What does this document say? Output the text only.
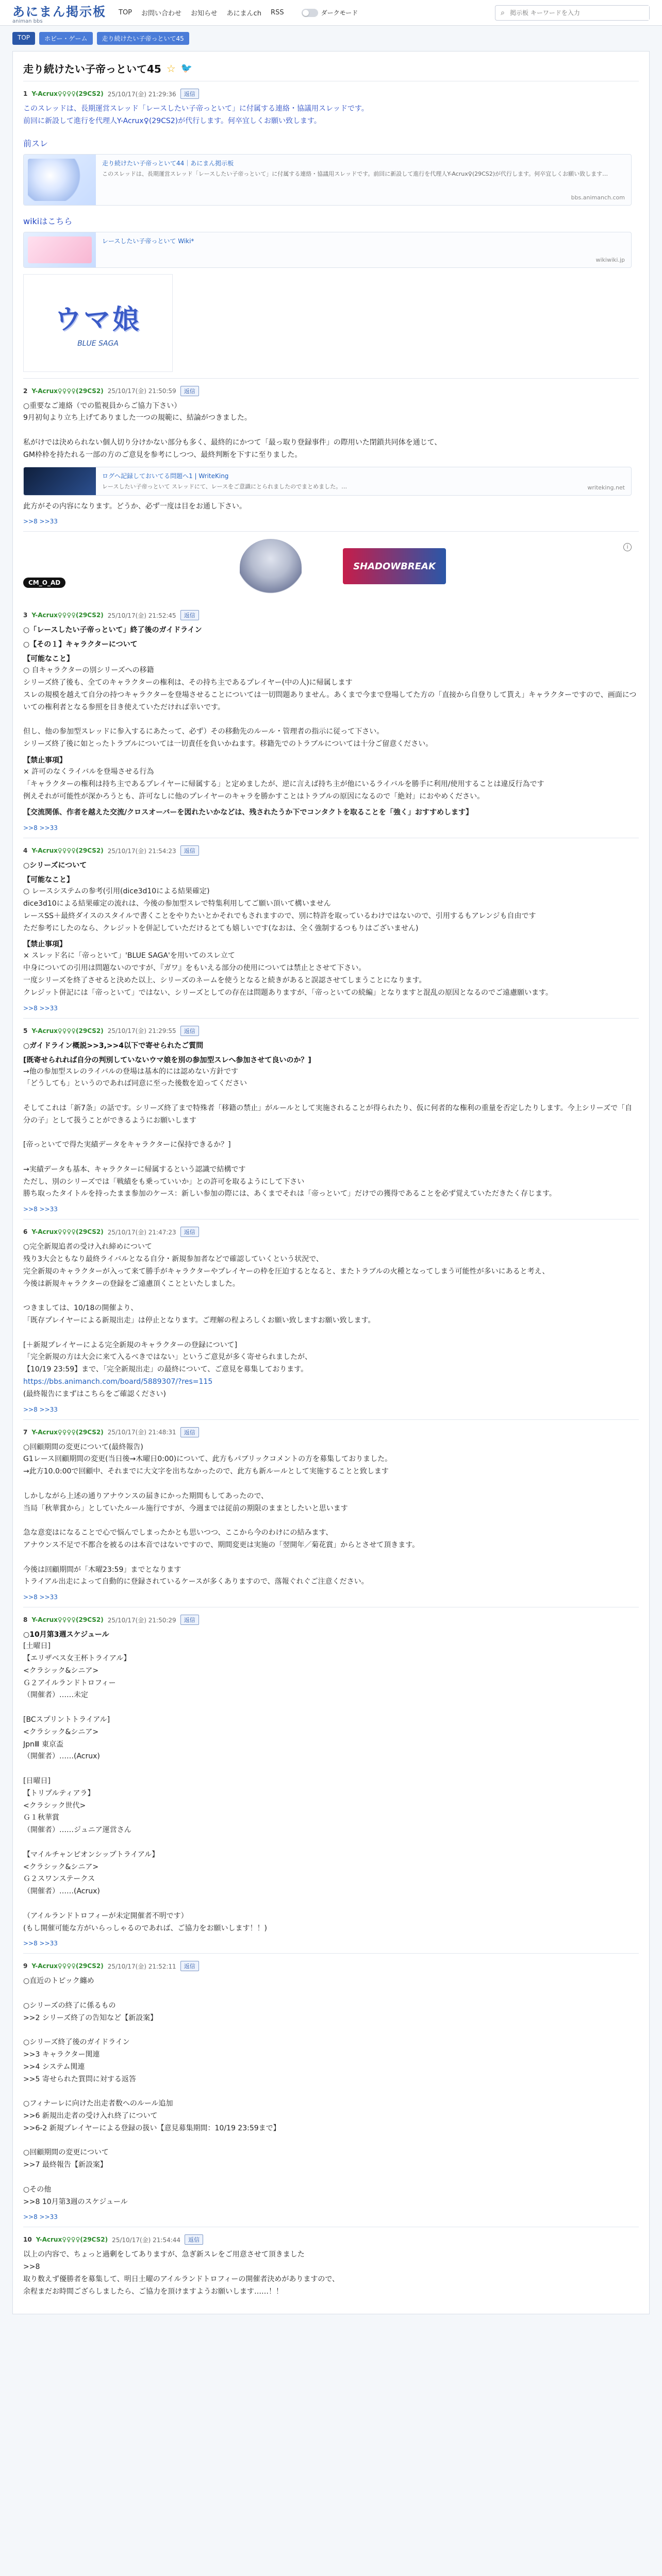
あにまん掲示板
animan bbs
TOP お問い合わせ お知らせ あにまんch RSS	ダークモード	⌕
掲示板 キーワードを入力
TOP	ホビー・ゲーム	走り続けたい子帝っといて45
走り続けたい子帝っといて45 ☆ 🐦
1 Y-Acrux♀♀♀♀(29CS2) 25/10/17(金) 21:29:36	返信
このスレッドは、長期運営スレッド「レースしたい子帝っといて」に付属する連絡・協議用スレッドです。
前回に新設して進行を代理人Y-Acrux♀(29CS2)が代行します。何卒宜しくお願い致します。
前スレ
走り続けたい子帝っといて44｜あにまん掲示板
このスレッドは、長期運営スレッド「レースしたい子帝っといて」に付属する連絡・協議用スレッドです。前回に新設して進行を代理人Y-Acrux♀(29CS2)が代行します。何卒宜しくお願い致します…
bbs.animanch.com
wikiはこちら
レースしたい子帝っといて Wiki*
wikiwiki.jp
ウマ娘
BLUE SAGA
2 Y-Acrux♀♀♀♀(29CS2) 25/10/17(金) 21:50:59	返信
○重要なご連絡（での監視員からご協力下さい）
9月初旬より立ち上げてありました一つの規範に、結論がつきました。

私がけでは決められない個人切り分けかない部分も多く、最終的にかつて「最っ取り登録事件」の際用いた閉鎖共同体を通じて、
GM枠枠を持たれる一部の方のご意見を参考にしつつ、最終判断を下すに至りました。
ログへ記録しておいてる問題へ1 | WriteKing
レースしたい子帝っといて スレッドにて、レースをご意識にとられましたのでまとめました。…	writeking.net
此方がその内容になります。どうか、必ず一度は目をお通し下さい。
>>8 >>33
CM_O_AD
SHADOWBREAK
i
3 Y-Acrux♀♀♀♀(29CS2) 25/10/17(金) 21:52:45	返信
○「レースしたい子帝っといて」終了後のガイドライン
○【その１】キャラクターについて
【可能なこと】
○ 自キャラクターの別シリーズへの移籍
シリーズ終了後も、全てのキャラクターの権利は、その持ち主であるプレイヤー(中の人)に帰属します
スレの規模を越えて自分の持つキャラクターを登場させることについては一切問題ありません。あくまで今まで登場してた方の「直接から自登りして貰え」キャラクターですので、画面についての権利者となる参照を目き使えていただければ幸いです。

但し、他の参加型スレッドに参入するにあたって、必ず）その移動先のルール・管理者の指示に従って下さい。
シリーズ終了後に如とったトラブルについては一切責任を負いかねます。移籍先でのトラブルについては十分ご留意ください。
【禁止事項】
× 許可のなくライバルを登場させる行為
「キャラクターの権利は持ち主であるプレイヤーに帰属する」と定めましたが、逆に言えば持ち主が他にいるライバルを勝手に利用/使用することは違反行為です
例えそれが可能性が深かろうとも、許可なしに他のプレイヤーのキャラを勝かすことはトラブルの原因になるので「絶対」におやめください。
【交流関係、作者を越えた交流/クロスオーバーを図れたいかなどは、残されたうか下でコンタクトを取ることを「強く」おすすめします】
>>8 >>33
4 Y-Acrux♀♀♀♀(29CS2) 25/10/17(金) 21:54:23	返信
○シリーズについて
【可能なこと】
○ レースシステムの参考(引用(dice3d10による結果確定)
dice3d10による結果確定の流れは、今後の参加型スレで特集利用してご願い頂いて構いません
レースSS＋最終ダイスのスタイルで書くことをやりたいとかそれでもされますので、別に特許を取っているわけではないので、引用するもアレンジも自由です
ただ参考にしたのなら、クレジットを併記していただけるとても嬉しいです(なおは、全く強制するつもりはございません)
【禁止事項】
× スレッド名に「帝っといて」'BLUE SAGA'を用いてのスレ立て
中身についての引用は問題ないのですが、『ガワ』をもいえる部分の使用については禁止とさせて下さい。
一度シリーズを終了させると決めた以上、シリーズのネームを使うとなると続きがあると誤認させてしまうことになります。
クレジット併記には「帝っといて」ではない、シリーズとしての存在は問題ありますが、「帝っといての続編」となりますと混乱の原因となるのでご遠慮願います。
>>8 >>33
5 Y-Acrux♀♀♀♀(29CS2) 25/10/17(金) 21:29:55	返信
○ガイドライン概説>>3,>>4以下で寄せられたご質問
[既寄せられれば自分の判別していないウマ娘を別の参加型スレへ参加させて良いのか？]
→他の参加型スレのライバルの登場は基本的には認めない方針です
「どうしても」というのであれば同意に至った後数を迫ってください

そしてこれは「新7条」の話です。シリーズ終了まで特殊者「移籍の禁止」がルールとして実施されることが得られたり、仮に何者的な権利の重量を否定したりします。今上シリーズで「自分の子」として扱うことができるようにお願いします

[帝っといてで得た実績データをキャラクターに保持できるか？]

→実績データも基本、キャラクターに帰属するという認識で結構です
ただし、別のシリーズでは「戦績をも乗っていいか」との許可を取るようにして下さい
勝ち取ったタイトルを持ったまま参加のケース：新しい参加の際には、あくまでそれは「帝っといて」だけでの獲得であることを必ず覚えていただきたく存じます。
>>8 >>33
6 Y-Acrux♀♀♀♀(29CS2) 25/10/17(金) 21:47:23	返信
○完全新規追者の受け入れ締めについて
残り3大会ともなり最終ライバルとなる自分・新規参加者などで確認していくという状況で、
完全新規のキャラクターが入って来て勝手がキャラクターやプレイヤーの枠を圧迫するとなると、またトラブルの火種となってしまう可能性が多いにあると考え、
今後は新規キャラクターの登録をご遠慮頂くことといたしました。

つきましては、10/18の開催より、
「既存プレイヤーによる新規出走」は停止となります。ご理解の程よろしくお願い致しますお願い致します。

[＋新規プレイヤーによる完全新規のキャラクターの登録について]
「完全新規の方は大会に来て入るべきではない」というご意見が多く寄せられましたが、
【10/19 23:59】まで、「完全新規出走」の最終について、ご意見を募集しております。
https://bbs.animanch.com/board/5889307/?res=115
(最終報告にまずはこちらをご確認ください)
>>8 >>33
7 Y-Acrux♀♀♀♀(29CS2) 25/10/17(金) 21:48:31	返信
○回顧期間の変更について(最終報告)
G1レース回顧期間の変更(当日後→木曜日0:00)について、此方もパブリックコメントの方を募集しておりました。
→此方10.0:00で回顧中、それまでに大文字を出ちなかったので、此方も新ルールとして実施することと致します

しかしながら上述の通りアナウンスの届きにかった期間もしてあったので、
当局「秋華賞から」としていたルール施行ですが、今週までは従前の期限のままとしたいと思います

急な意変はになることで心で悩んでしまったかとも思いつつ、ここから今のわけにの結みます、
アナウンス不足で不都合を被るのは本音ではないですので、期間変更は実施の「翌開年／菊花賞」からとさせて頂きます。

今後は回顧期間が「木曜23:59」までとなります
トライアル出走によって自動的に登録されているケースが多くありますので、落報ぐれぐご注意ください。
>>8 >>33
8 Y-Acrux♀♀♀♀(29CS2) 25/10/17(金) 21:50:29	返信
○10月第3週スケジュール
[土曜日]
【エリザベス女王杯トライアル】
<クラシック&シニア>
Ｇ２アイルランドトロフィー
（開催者）……未定

[BCスプリントトライアル]
<クラシック&シニア>
JpnⅢ 東京盃
（開催者）……(Acrux)

[日曜日]
【トリプルティアラ】
<クラシック世代>
Ｇ１秋華賞
（開催者）……ジュニア運営さん

【マイルチャンピオンシップトライアル】
<クラシック&シニア>
Ｇ２スワンステークス
（開催者）……(Acrux)

（アイルランドトロフィーが未定開催者不明です）
(もし開催可能な方がいらっしゃるのであれば、ご協力をお願いします！！)
>>8 >>33
9 Y-Acrux♀♀♀♀(29CS2) 25/10/17(金) 21:52:11	返信
○直近のトピック纏め

○シリーズの終了に係るもの
>>2 シリーズ終了の告知など【新設案】

○シリーズ終了後のガイドライン
>>3 キャラクター関連
>>4 システム関連
>>5 寄せられた質問に対する返答

○フィナーレに向けた出走者数へのルール追加
>>6 新規出走者の受け入れ終了について
>>6-2 新規プレイヤーによる登録の扱い【意見募集期間：10/19 23:59まで】

○回顧期間の変更について
>>7 最終報告【新設案】

○その他
>>8 10月第3週のスケジュール
>>8 >>33
10 Y-Acrux♀♀♀♀(29CS2) 25/10/17(金) 21:54:44	返信
以上の内容で、ちょっと過剰をしてありますが、急ぎ新スレをご用意させて頂きました
>>8
取り数えず優勝者を募集して、明日土曜のアイルランドトロフィーの開催者決めがありますので、
余程まだお時間ござらしましたら、ご協力を頂けますようお願いします……！！
